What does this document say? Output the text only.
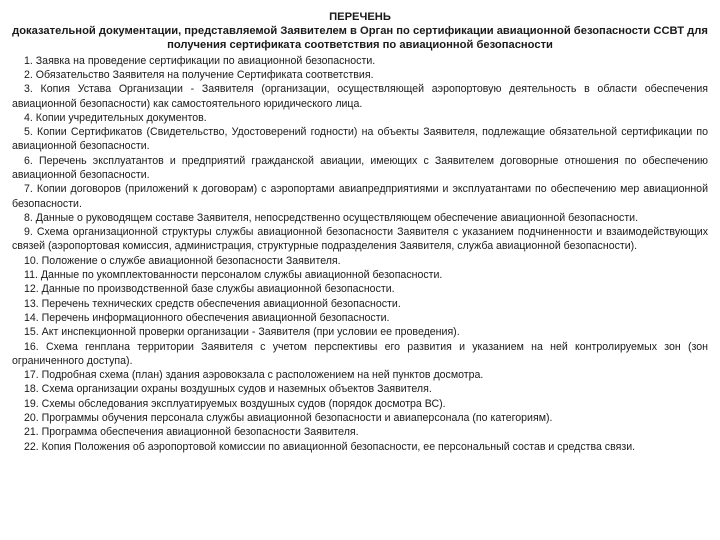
ПЕРЕЧЕНЬ

доказательной документации, представляемой Заявителем в Орган по сертификации авиационной безопасности ССВТ для получения сертификата соответствия по авиационной безопасности

1. Заявка на проведение сертификации по авиационной безопасности.
2. Обязательство Заявителя на получение Сертификата соответствия.
3. Копия Устава Организации - Заявителя (организации, осуществляющей аэропортовую деятельность в области обеспечения авиационной безопасности) как самостоятельного юридического лица.
4. Копии учредительных документов.
5. Копии Сертификатов (Свидетельство, Удостоверений годности) на объекты Заявителя, подлежащие обязательной сертификации по авиационной безопасности.
6. Перечень эксплуатантов и предприятий гражданской авиации, имеющих с Заявителем договорные отношения по обеспечению авиационной безопасности.
7. Копии договоров (приложений к договорам) с аэропортами авиапредприятиями и эксплуатантами по обеспечению мер авиационной безопасности.
8. Данные о руководящем составе Заявителя, непосредственно осуществляющем обеспечение авиационной безопасности.
9. Схема организационной структуры службы авиационной безопасности Заявителя с указанием подчиненности и взаимодействующих связей (аэропортовая комиссия, администрация, структурные подразделения Заявителя, служба авиационной безопасности).
10. Положение о службе авиационной безопасности Заявителя.
11. Данные по укомплектованности персоналом службы авиационной безопасности.
12. Данные по производственной базе службы авиационной безопасности.
13. Перечень технических средств обеспечения авиационной безопасности.
14. Перечень информационного обеспечения авиационной безопасности.
15. Акт инспекционной проверки организации - Заявителя (при условии ее проведения).
16. Схема генплана территории Заявителя с учетом перспективы его развития и указанием на ней контролируемых зон (зон ограниченного доступа).
17. Подробная схема (план) здания аэровокзала с расположением на ней пунктов досмотра.
18. Схема организации охраны воздушных судов и наземных объектов Заявителя.
19. Схемы обследования эксплуатируемых воздушных судов (порядок досмотра ВС).
20. Программы обучения персонала службы авиационной безопасности и авиаперсонала (по категориям).
21. Программа обеспечения авиационной безопасности Заявителя.
22. Копия Положения об аэропортовой комиссии по авиационной безопасности, ее персональный состав и средства связи.
